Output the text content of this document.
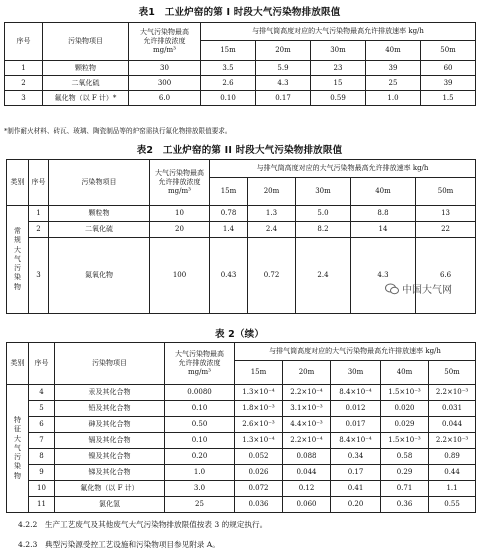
表1　工业炉窑的第 I 时段大气污染物排放限值
序号	污染物项目	大气污染物最高
允许排放浓度
mg/m³	与排气筒高度对应的大气污染物最高允许排放速率 kg/h				
			15m	20m	30m	40m	50m
1	颗粒物	30	3.5	5.9	23	39	60
2	二氧化硫	300	2.6	4.3	15	25	39
3	氟化物（以 F 计）*	6.0	0.10	0.17	0.59	1.0	1.5
*制作耐火材料、砖瓦、玻璃、陶瓷制品等的炉窑需执行氟化物排放限值要求。
表2　工业炉窑的第 II 时段大气污染物排放限值
类别	序号	污染物项目	大气污染物最高
允许排放浓度
mg/m³	与排气筒高度对应的大气污染物最高允许排放速率 kg/h				
				15m	20m	30m	40m	50m
常规大气污染物	1	颗粒物	10	0.78	1.3	5.0	8.8	13
	2	二氧化硫	20	1.4	2.4	8.2	14	22
	3	氮氧化物	100	0.43	0.72	2.4	4.3	6.6
中国大气网
表 2（续）
类别	序号	污染物项目	大气污染物最高
允许排放浓度
mg/m³	与排气筒高度对应的大气污染物最高允许排放速率 kg/h				
				15m	20m	30m	40m	50m
特征大气污染物	4	汞及其化合物	0.0080	1.3×10⁻⁴	2.2×10⁻⁴	8.4×10⁻⁴	1.5×10⁻³	2.2×10⁻³
	5	铅及其化合物	0.10	1.8×10⁻³	3.1×10⁻³	0.012	0.020	0.031
	6	砷及其化合物	0.50	2.6×10⁻³	4.4×10⁻³	0.017	0.029	0.044
	7	镉及其化合物	0.10	1.3×10⁻⁴	2.2×10⁻⁴	8.4×10⁻⁴	1.5×10⁻³	2.2×10⁻³
	8	镍及其化合物	0.20	0.052	0.088	0.34	0.58	0.89
	9	锑及其化合物	1.0	0.026	0.044	0.17	0.29	0.44
	10	氟化物（以 F 计）	3.0	0.072	0.12	0.41	0.71	1.1
	11	氯化氢	25	0.036	0.060	0.20	0.36	0.55
4.2.2　生产工艺废气及其他废气大气污染物排放限值按表 3 的规定执行。
4.2.3　典型污染源受控工艺设施和污染物项目参见附录 A。
